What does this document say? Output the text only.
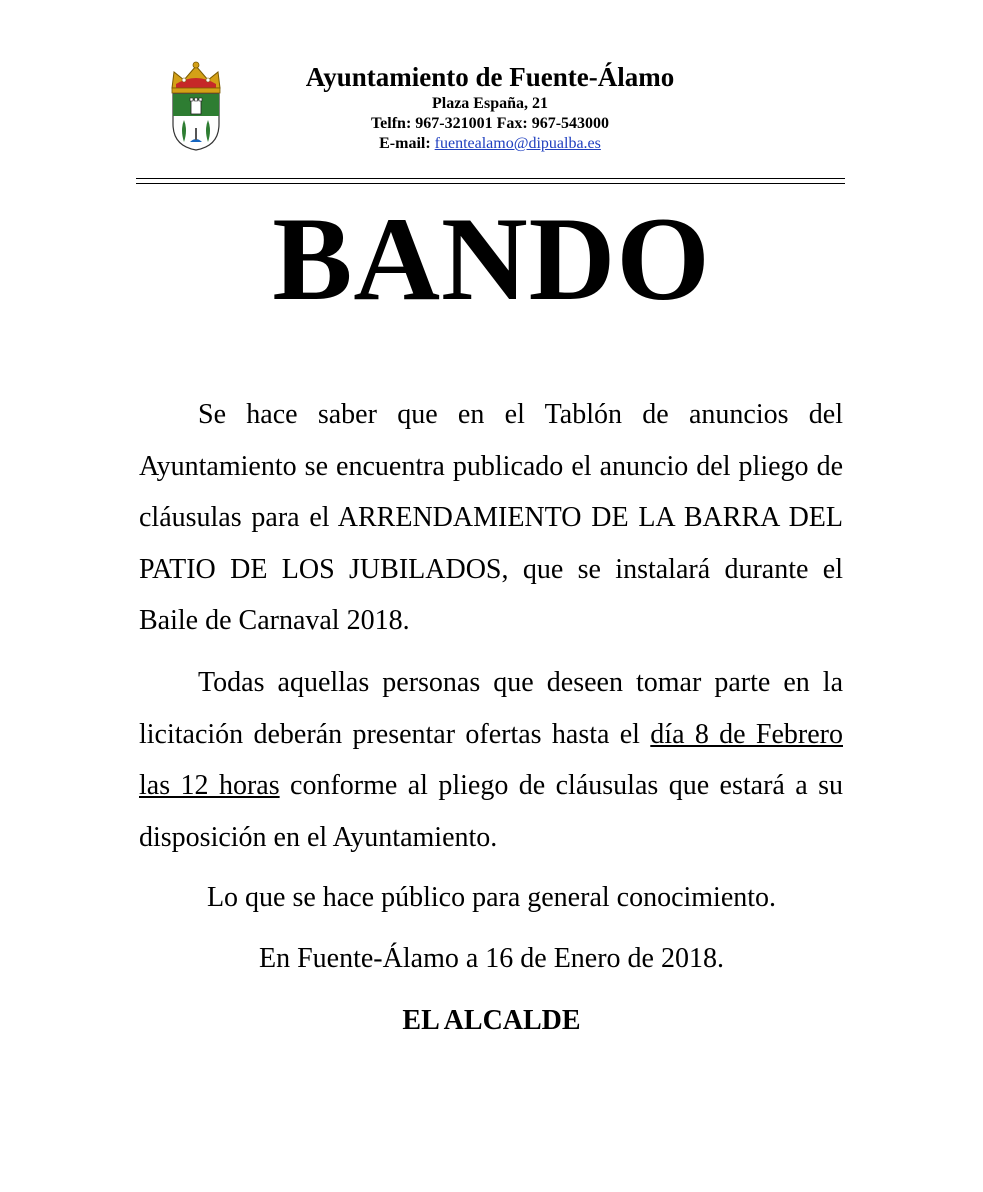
Ayuntamiento de Fuente-Álamo
Plaza España, 21
Telfn: 967-321001 Fax: 967-543000
E-mail: fuentealamo@dipualba.es
BANDO

Se hace saber que en el Tablón de anuncios del Ayuntamiento se encuentra publicado el anuncio del pliego de cláusulas para el ARRENDAMIENTO DE LA BARRA DEL PATIO DE LOS JUBILADOS, que se instalará durante el Baile de Carnaval 2018.

Todas aquellas personas que deseen tomar parte en la licitación deberán presentar ofertas hasta el día 8 de Febrero las 12 horas conforme al pliego de cláusulas que estará a su disposición en el Ayuntamiento.

Lo que se hace público para general conocimiento.

En Fuente-Álamo a 16 de Enero de 2018.

EL ALCALDE
